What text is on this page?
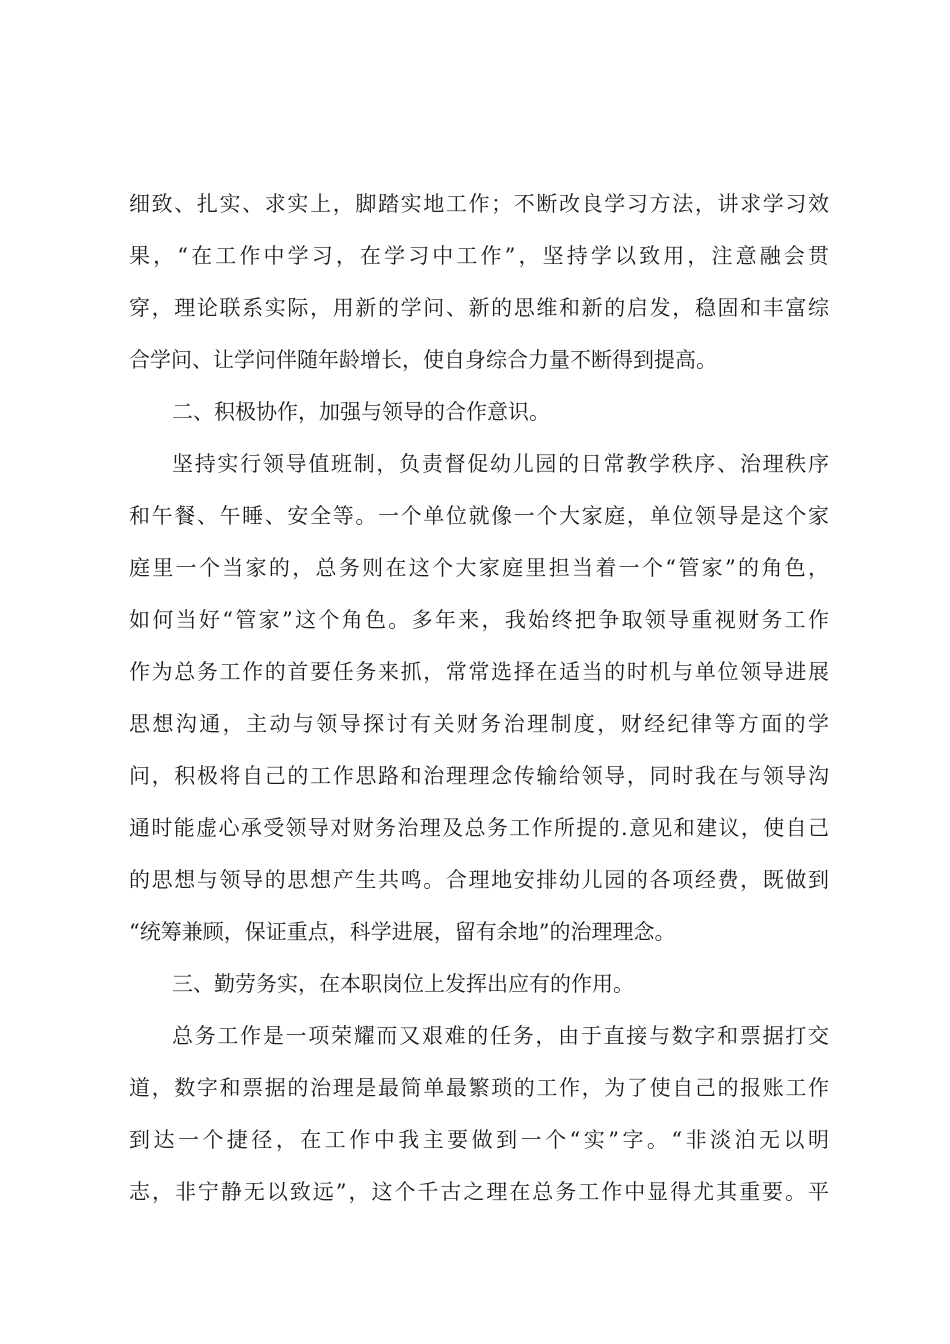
细致、扎实、求实上，脚踏实地工作；不断改良学习方法，讲求学习效
果，“在工作中学习，在学习中工作”，坚持学以致用，注意融会贯
穿，理论联系实际，用新的学问、新的思维和新的启发，稳固和丰富综
合学问、让学问伴随年龄增长，使自身综合力量不断得到提高。
二、积极协作，加强与领导的合作意识。
坚持实行领导值班制，负责督促幼儿园的日常教学秩序、治理秩序
和午餐、午睡、安全等。一个单位就像一个大家庭，单位领导是这个家
庭里一个当家的，总务则在这个大家庭里担当着一个“管家”的角色，
如何当好“管家”这个角色。多年来，我始终把争取领导重视财务工作
作为总务工作的首要任务来抓，常常选择在适当的时机与单位领导进展
思想沟通，主动与领导探讨有关财务治理制度，财经纪律等方面的学
问，积极将自己的工作思路和治理理念传输给领导，同时我在与领导沟
通时能虚心承受领导对财务治理及总务工作所提的.意见和建议，使自己
的思想与领导的思想产生共鸣。合理地安排幼儿园的各项经费，既做到
“统筹兼顾，保证重点，科学进展，留有余地”的治理理念。
三、勤劳务实，在本职岗位上发挥出应有的作用。
总务工作是一项荣耀而又艰难的任务，由于直接与数字和票据打交
道，数字和票据的治理是最简单最繁琐的工作，为了使自己的报账工作
到达一个捷径，在工作中我主要做到一个“实”字。“非淡泊无以明
志，非宁静无以致远”，这个千古之理在总务工作中显得尤其重要。平
